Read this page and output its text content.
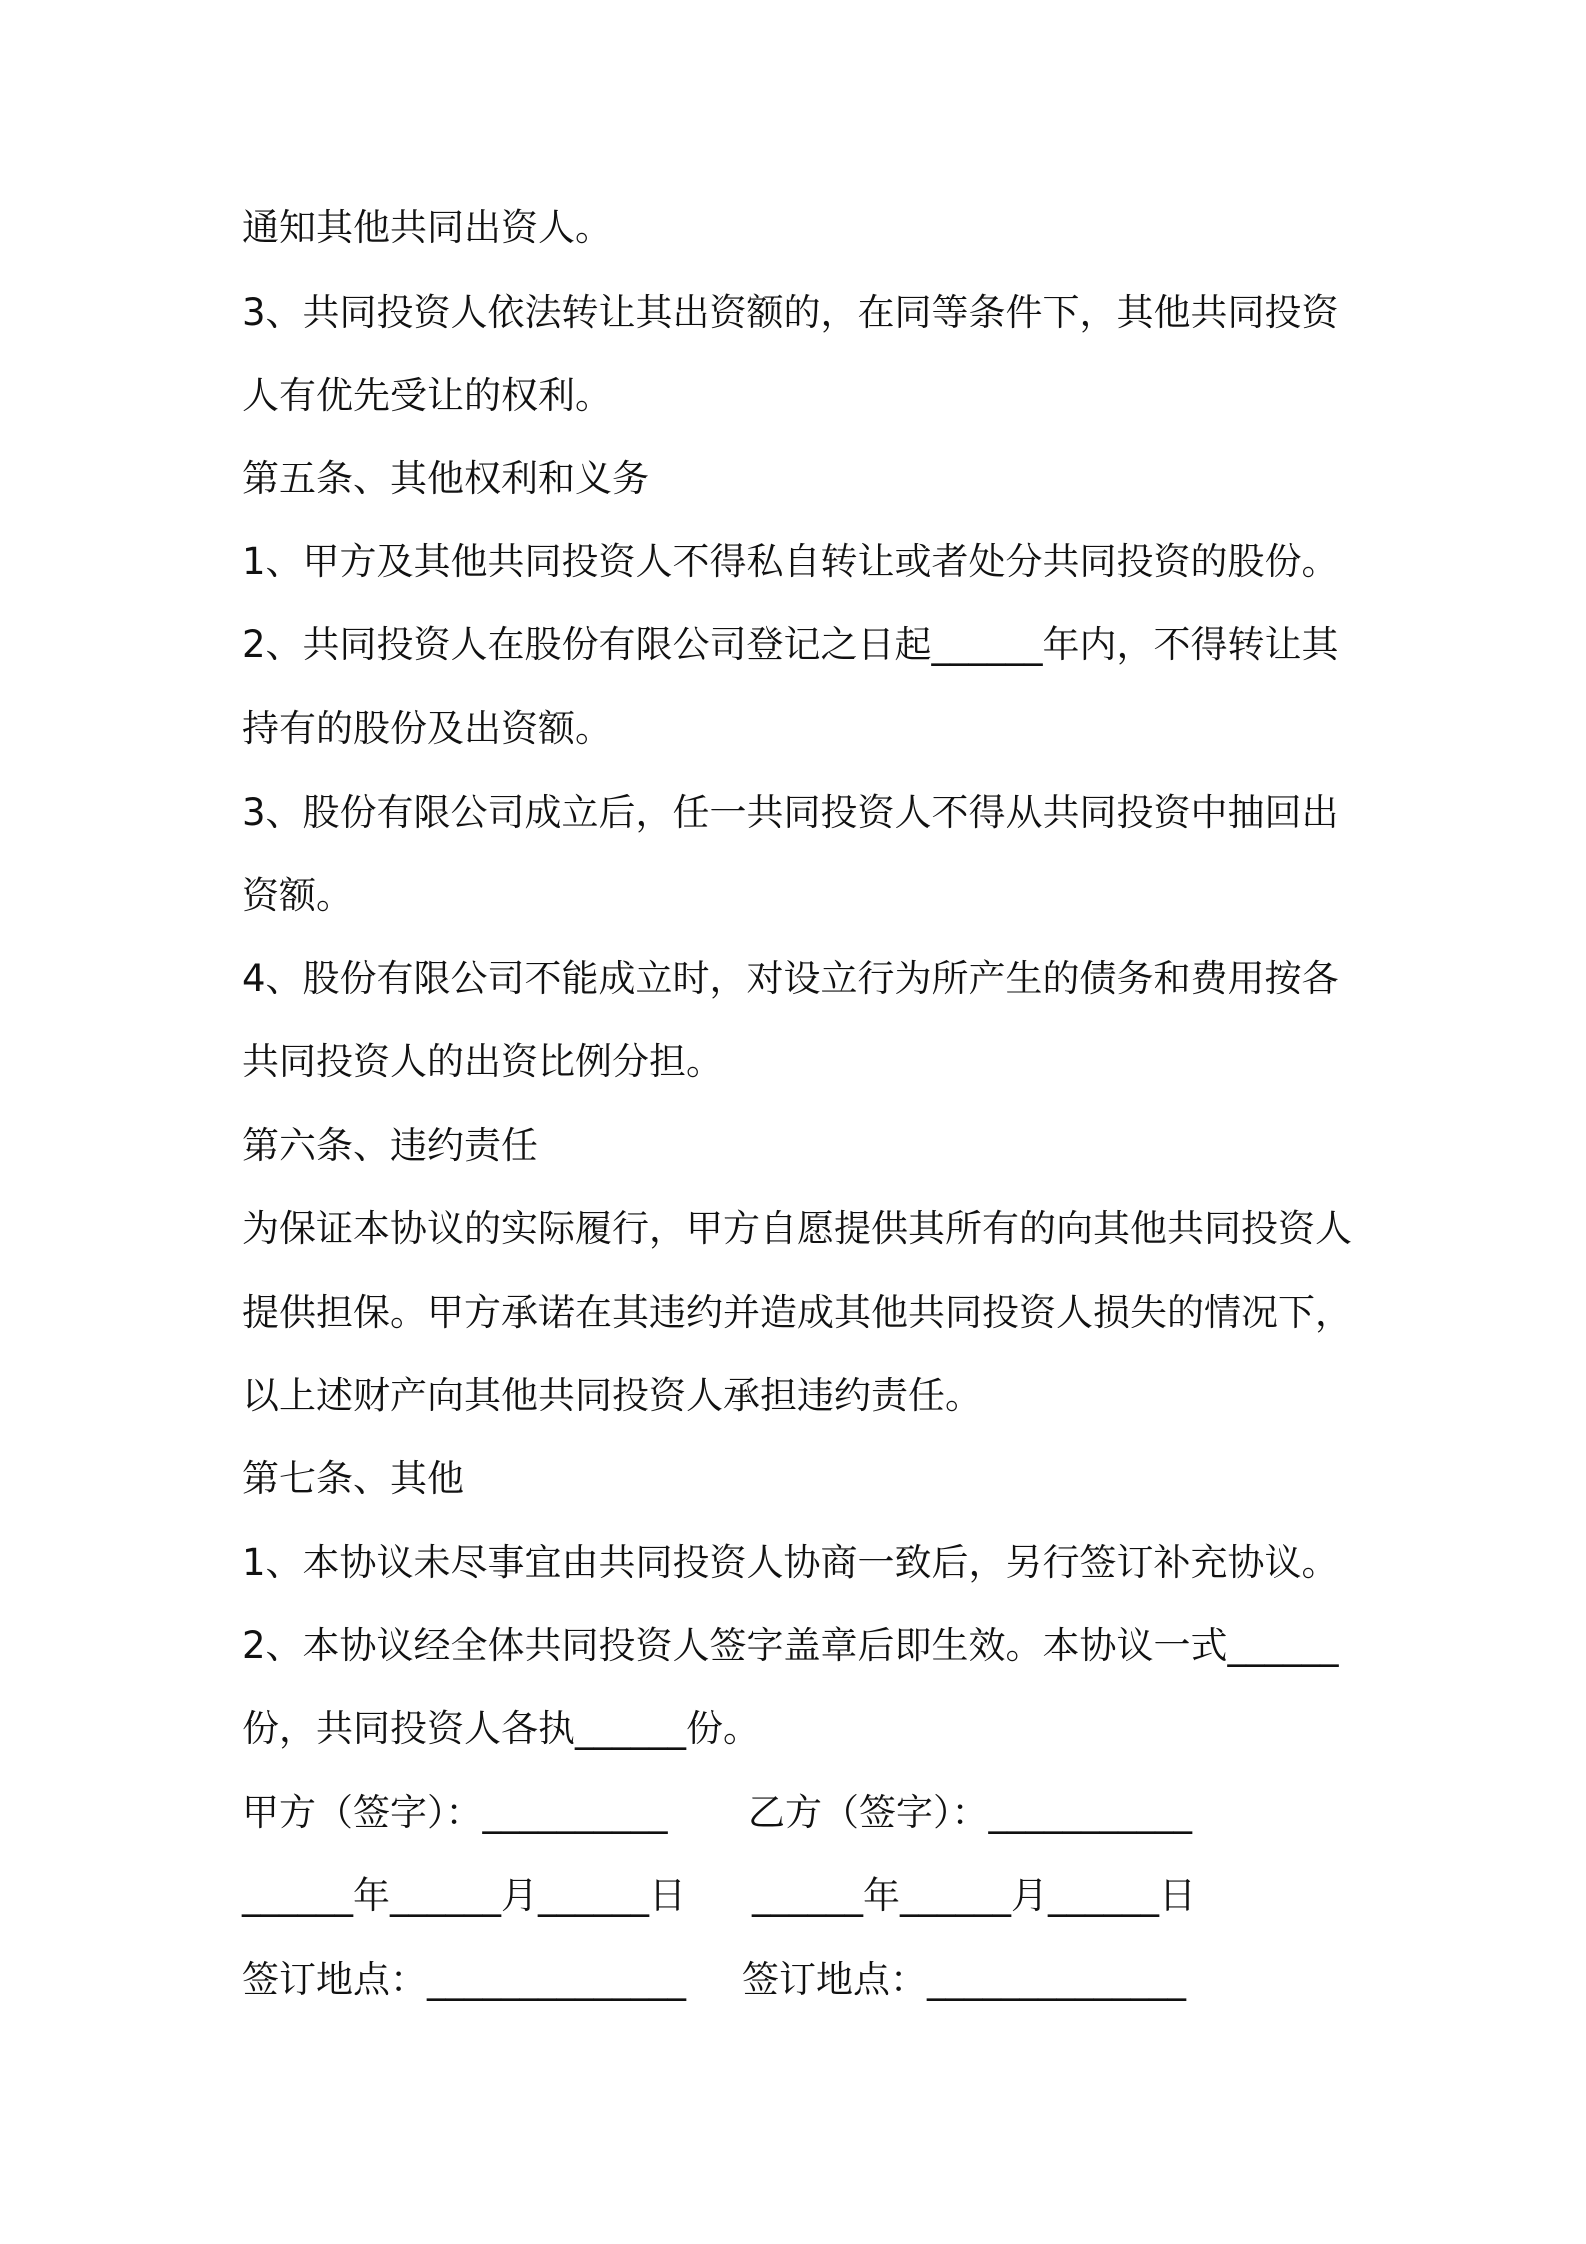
通知其他共同出资人。
3、共同投资人依法转让其出资额的，在同等条件下，其他共同投资
人有优先受让的权利。
第五条、其他权利和义务
1、甲方及其他共同投资人不得私自转让或者处分共同投资的股份。
2、共同投资人在股份有限公司登记之日起______年内，不得转让其
持有的股份及出资额。
3、股份有限公司成立后，任一共同投资人不得从共同投资中抽回出
资额。
4、股份有限公司不能成立时，对设立行为所产生的债务和费用按各
共同投资人的出资比例分担。
第六条、违约责任
为保证本协议的实际履行，甲方自愿提供其所有的向其他共同投资人
提供担保。甲方承诺在其违约并造成其他共同投资人损失的情况下，
以上述财产向其他共同投资人承担违约责任。
第七条、其他
1、本协议未尽事宜由共同投资人协商一致后，另行签订补充协议。
2、本协议经全体共同投资人签字盖章后即生效。本协议一式______
份，共同投资人各执______份。
甲方（签字）：__________
______年______月______日
签订地点：______________
乙方（签字）：___________
______年______月______日
签订地点：______________
